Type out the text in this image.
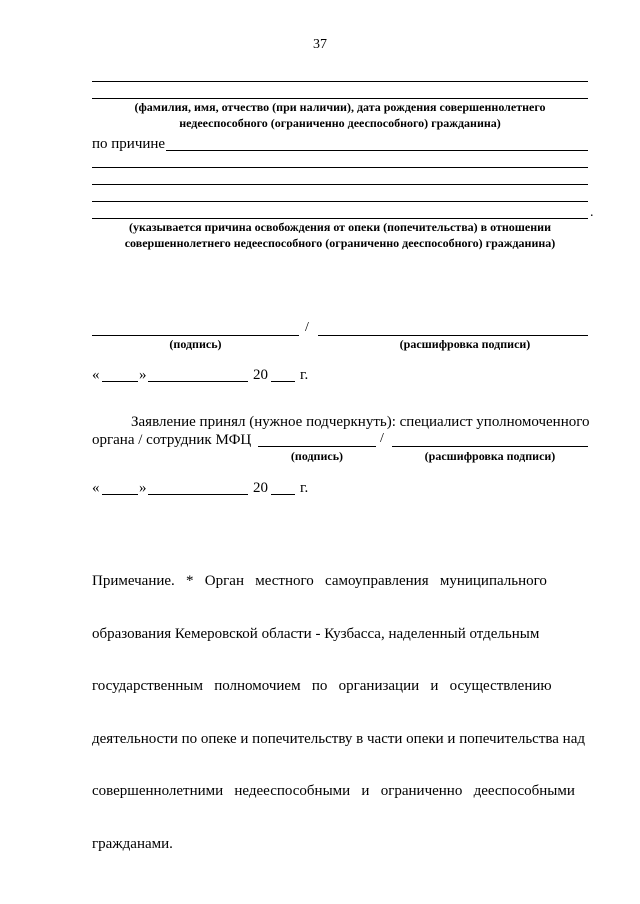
37
(фамилия, имя, отчество (при наличии), дата рождения совершеннолетнего
недееспособного (ограниченно дееспособного) гражданина)
по причине
.
(указывается причина освобождения от опеки (попечительства) в отношении
совершеннолетнего недееспособного (ограниченно дееспособного) гражданина)
/
(подпись)	(расшифровка подписи)
«	»	20 г.
Заявление принял (нужное подчеркнуть): специалист уполномоченного
органа / сотрудник МФЦ	/
(подпись)	(расшифровка подписи)
«	»	20 г.

Примечание.   *   Орган   местного   самоуправления   муниципального

образования Кемеровской области - Кузбасса, наделенный отдельным

государственным   полномочием   по   организации   и   осуществлению

деятельности по опеке и попечительству в части опеки и попечительства над

совершеннолетними   недееспособными   и   ограниченно   дееспособными

гражданами.
